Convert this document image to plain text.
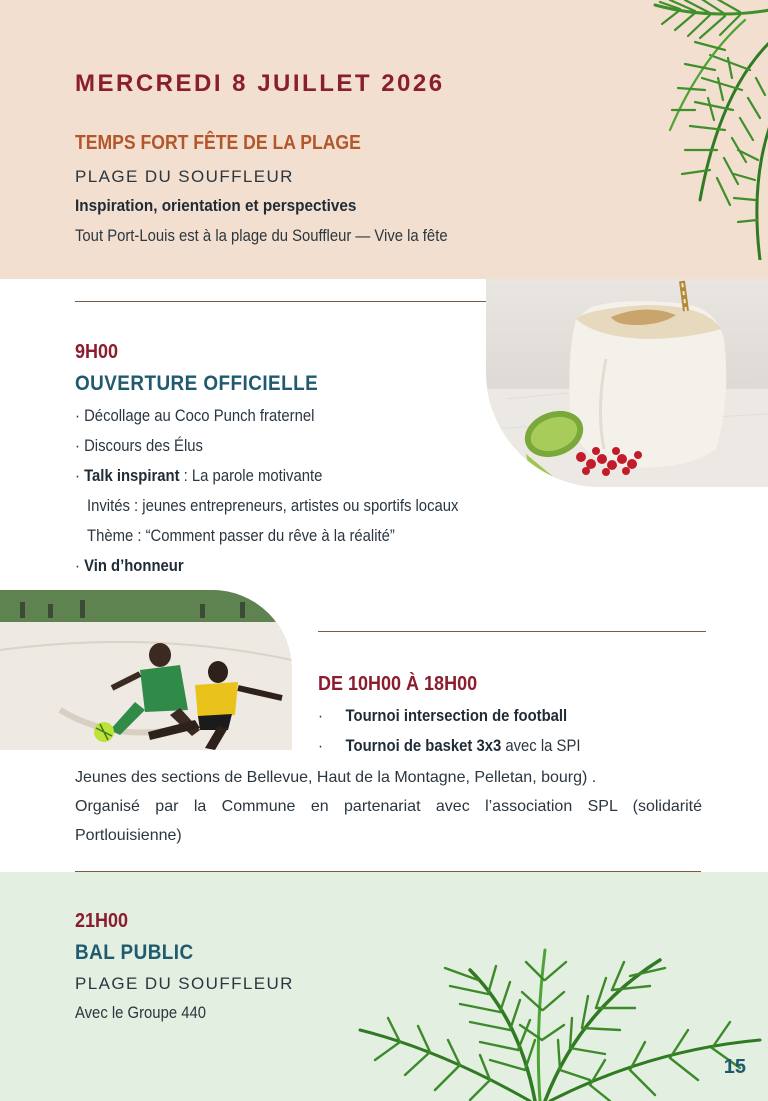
MERCREDI 8 JUILLET 2026
TEMPS FORT FÊTE DE LA PLAGE
PLAGE DU SOUFFLEUR
Inspiration, orientation et perspectives
Tout Port-Louis est à la plage du Souffleur — Vive la fête
9H00
OUVERTURE OFFICIELLE
· Décollage au Coco Punch fraternel
· Discours des Élus
· Talk inspirant : La parole motivante
Invités : jeunes entrepreneurs, artistes ou sportifs locaux
Thème : “Comment passer du rêve à la réalité”
· Vin d’honneur
DE 10H00 À 18H00
· Tournoi intersection de football
· Tournoi de basket 3x3 avec la SPI
Jeunes des sections de Bellevue, Haut de la Montagne, Pelletan, bourg) .
Organisé par la Commune en partenariat avec l’association SPL (solidarité Portlouisienne)
21H00
BAL PUBLIC
PLAGE DU SOUFFLEUR
Avec le Groupe 440
15
